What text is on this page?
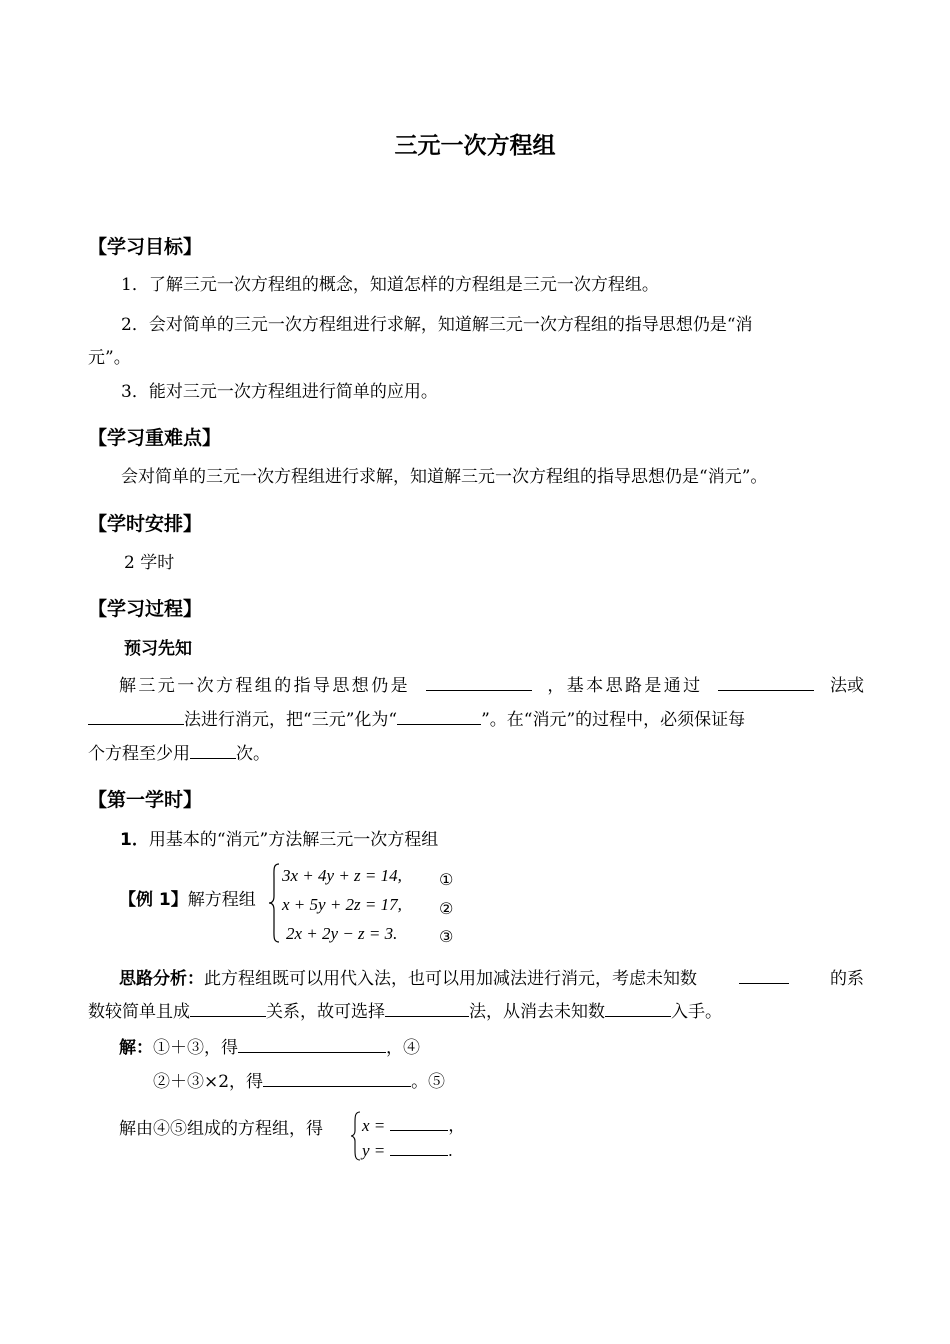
三元一次方程组
【学习目标】
1．了解三元一次方程组的概念，知道怎样的方程组是三元一次方程组。
2．会对简单的三元一次方程组进行求解，知道解三元一次方程组的指导思想仍是“消
元”。
3．能对三元一次方程组进行简单的应用。
【学习重难点】
会对简单的三元一次方程组进行求解，知道解三元一次方程组的指导思想仍是“消元”。
【学时安排】
2 学时
【学习过程】
预习先知
解三元一次方程组的指导思想仍是	，基本思路是通过	法或
法进行消元，把“三元”化为“	”。在“消元”的过程中，必须保证每
个方程至少用	次。
【第一学时】
1．用基本的“消元”方法解三元一次方程组
【例 1】解方程组
3x + 4y + z = 14,
x + 5y + 2z = 17,
2x + 2y − z = 3.
①
②
③
思路分析：此方程组既可以用代入法，也可以用加减法进行消元，考虑未知数	的系
数较简单且成	关系，故可选择	法，从消去未知数	入手。
解：①＋③，得	，④
②＋③×2，得	。⑤
解由④⑤组成的方程组，得 x =	，
y =	.
